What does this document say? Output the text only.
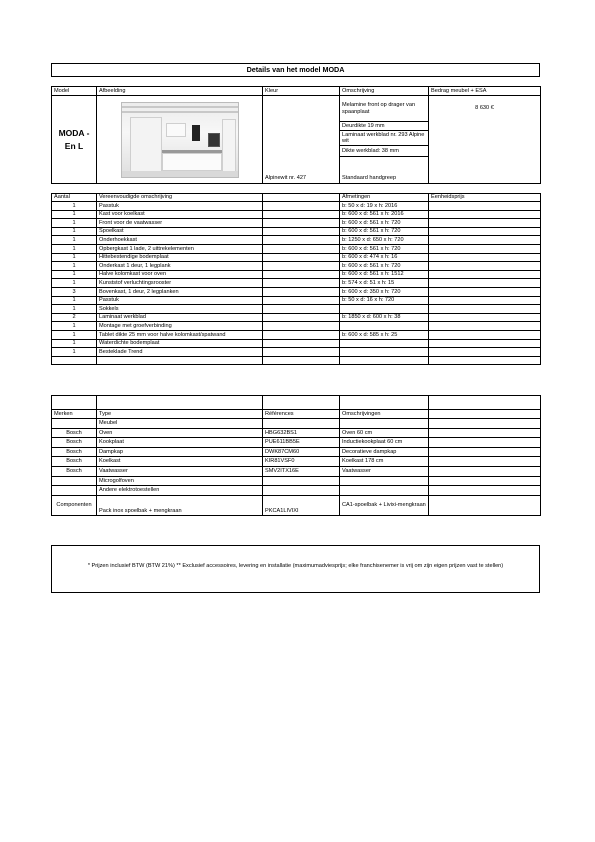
Details van het model MODA
Model	Afbeelding	Kleur	Omschrijving	Bedrag meubel + ESA
MODA - En L		Alpinewit nr. 427	Melamine front op drager van spaanplaat	8 630 €
			Deurdikte 19 mm	
			Laminaat werkblad nr. 293 Alpine wit	
			Dikte werkblad: 38 mm	
			Standaard handgreep	
Aantal	Vereenvoudigde omschrijving		Afmetingen	Eenheidsprijs
1	Passtuk		b: 50 x d: 19 x h: 2016	
1	Kast voor koelkast		b: 600 x d: 561 x h: 2016	
1	Front voor de vaatwasser		b: 600 x d: 561 x h: 720	
1	Spoelkast		b: 600 x d: 561 x h: 720	
1	Onderhoekkast		b: 1250 x d: 650 x h: 720	
1	Opbergkast 1 lade, 2 uittrekelementen		b: 600 x d: 561 x h: 720	
1	Hittebestendige bodemplaat		b: 600 x d: 474 x h: 16	
1	Onderkast 1 deur, 1 legplank		b: 600 x d: 561 x h: 720	
1	Halve kolomkast voor oven		b: 600 x d: 561 x h: 1512	
1	Kunststof verluchtingsrooster		b: 574 x d: 51 x h: 15	
3	Bovenkast, 1 deur, 2 legplanken		b: 600 x d: 350 x h: 720	
1	Passtuk		b: 50 x d: 16 x h: 720	
1	Sokkels			
2	Laminaat werkblad		b: 1850 x d: 600 x h: 38	
1	Montage met groefverbinding			
1	Tablet dikte 25 mm voor halve kolomkast/spatwand		b: 600 x d: 585 x h: 25	
1	Waterdichte bodemplaat			
1	Besteklade Trend			

Merken	Type	Références	Omschrijvingen	
	Meubel			
Bosch	Oven	HBG632BS1	Oven 60 cm	
Bosch	Kookplaat	PUE611BB5E	Inductiekookplaat 60 cm	
Bosch	Dampkap	DWK87CM60	Decoratieve dampkap	
Bosch	Koelkast	KIR81VSF0	Koelkast 178 cm	
Bosch	Vaatwasser	SMV2ITX16E	Vaatwasser	
	Microgolfoven			
	Andere elektrotoestellen			
Componenten	Pack inox spoelbak + mengkraan	PKCA1LIVIXI	CA1-spoelbak + Livixi-mengkraan	
* Prijzen inclusief BTW (BTW 21%) ** Exclusief accessoires, levering en installatie (maximumadviesprijs; elke franchisenemer is vrij om zijn eigen prijzen vast te stellen)
